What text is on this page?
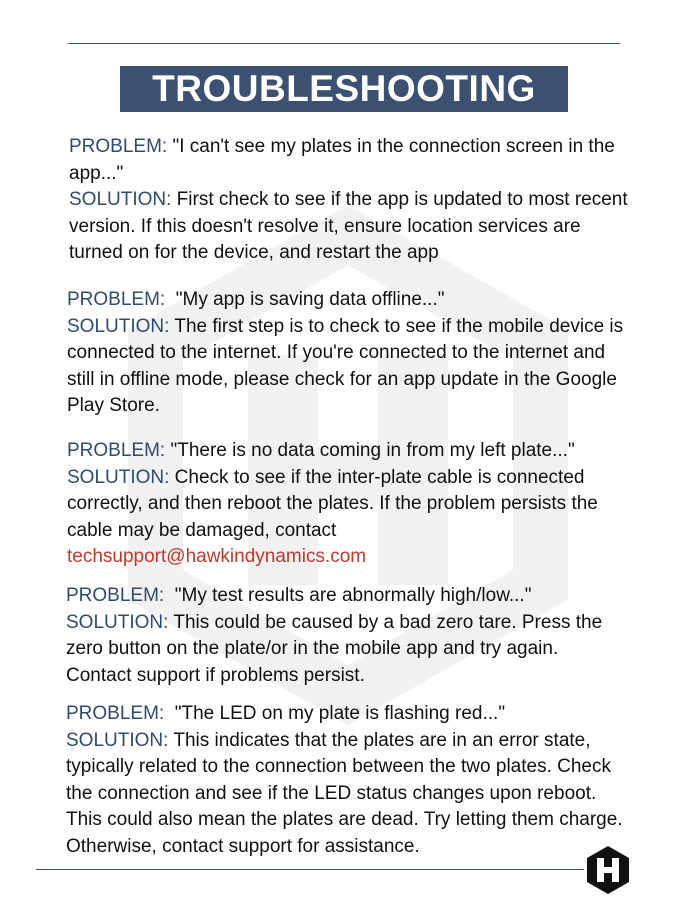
TROUBLESHOOTING
PROBLEM: "I can't see my plates in the connection screen in the app..."
SOLUTION: First check to see if the app is updated to most recent version. If this doesn't resolve it, ensure location services are turned on for the device, and restart the app
PROBLEM:  "My app is saving data offline..."
SOLUTION: The first step is to check to see if the mobile device is connected to the internet. If you're connected to the internet and still in offline mode, please check for an app update in the Google Play Store.
PROBLEM: "There is no data coming in from my left plate..."
SOLUTION: Check to see if the inter-plate cable is connected correctly, and then reboot the plates. If the problem persists the cable may be damaged, contact
techsupport@hawkindynamics.com
PROBLEM:  "My test results are abnormally high/low..."
SOLUTION: This could be caused by a bad zero tare. Press the zero button on the plate/or in the mobile app and try again. Contact support if problems persist.
PROBLEM:  "The LED on my plate is flashing red..."
SOLUTION: This indicates that the plates are in an error state, typically related to the connection between the two plates. Check the connection and see if the LED status changes upon reboot. This could also mean the plates are dead. Try letting them charge. Otherwise, contact support for assistance.
